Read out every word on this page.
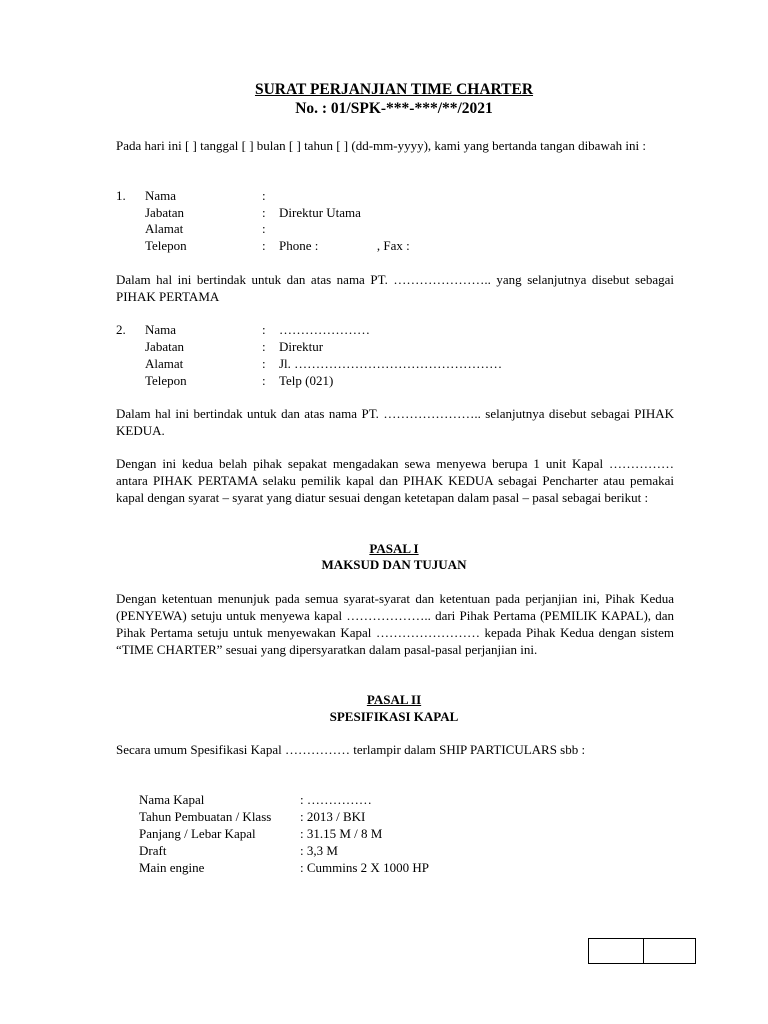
SURAT PERJANJIAN TIME CHARTER
No. : 01/SPK-***-***/**/2021

Pada hari ini [ ] tanggal [ ] bulan [ ] tahun [ ] (dd-mm-yyyy), kami yang bertanda tangan dibawah ini :

1. Nama	:
Jabatan	: Direktur Utama
Alamat	:
Telepon	: Phone :                  , Fax :

Dalam hal ini bertindak untuk dan atas nama PT. ………………….. yang selanjutnya disebut sebagai PIHAK PERTAMA

2. Nama	: …………………
Jabatan	: Direktur
Alamat	: Jl. …………………………………………
Telepon	: Telp (021)

Dalam hal ini bertindak untuk dan atas nama PT. ………………….. selanjutnya disebut sebagai PIHAK KEDUA.

Dengan ini kedua belah pihak sepakat mengadakan sewa menyewa berupa 1 unit Kapal …………… antara PIHAK PERTAMA selaku pemilik kapal dan PIHAK KEDUA sebagai Pencharter atau pemakai kapal dengan syarat – syarat yang diatur sesuai dengan ketetapan dalam pasal – pasal sebagai berikut :

PASAL I
MAKSUD DAN TUJUAN

Dengan ketentuan menunjuk pada semua syarat-syarat dan ketentuan pada perjanjian ini, Pihak Kedua (PENYEWA) setuju untuk menyewa kapal ……………….. dari Pihak Pertama (PEMILIK KAPAL), dan Pihak Pertama setuju untuk menyewakan Kapal …………………… kepada Pihak Kedua dengan sistem “TIME CHARTER” sesuai yang dipersyaratkan dalam pasal-pasal perjanjian ini.

PASAL II
SPESIFIKASI KAPAL

Secara umum Spesifikasi Kapal …………… terlampir dalam SHIP PARTICULARS sbb :

Nama Kapal	: ……………
Tahun Pembuatan / Klass : 2013 / BKI
Panjang / Lebar Kapal	: 31.15 M / 8 M
Draft	: 3,3 M
Main engine	: Cummins 2 X 1000 HP
